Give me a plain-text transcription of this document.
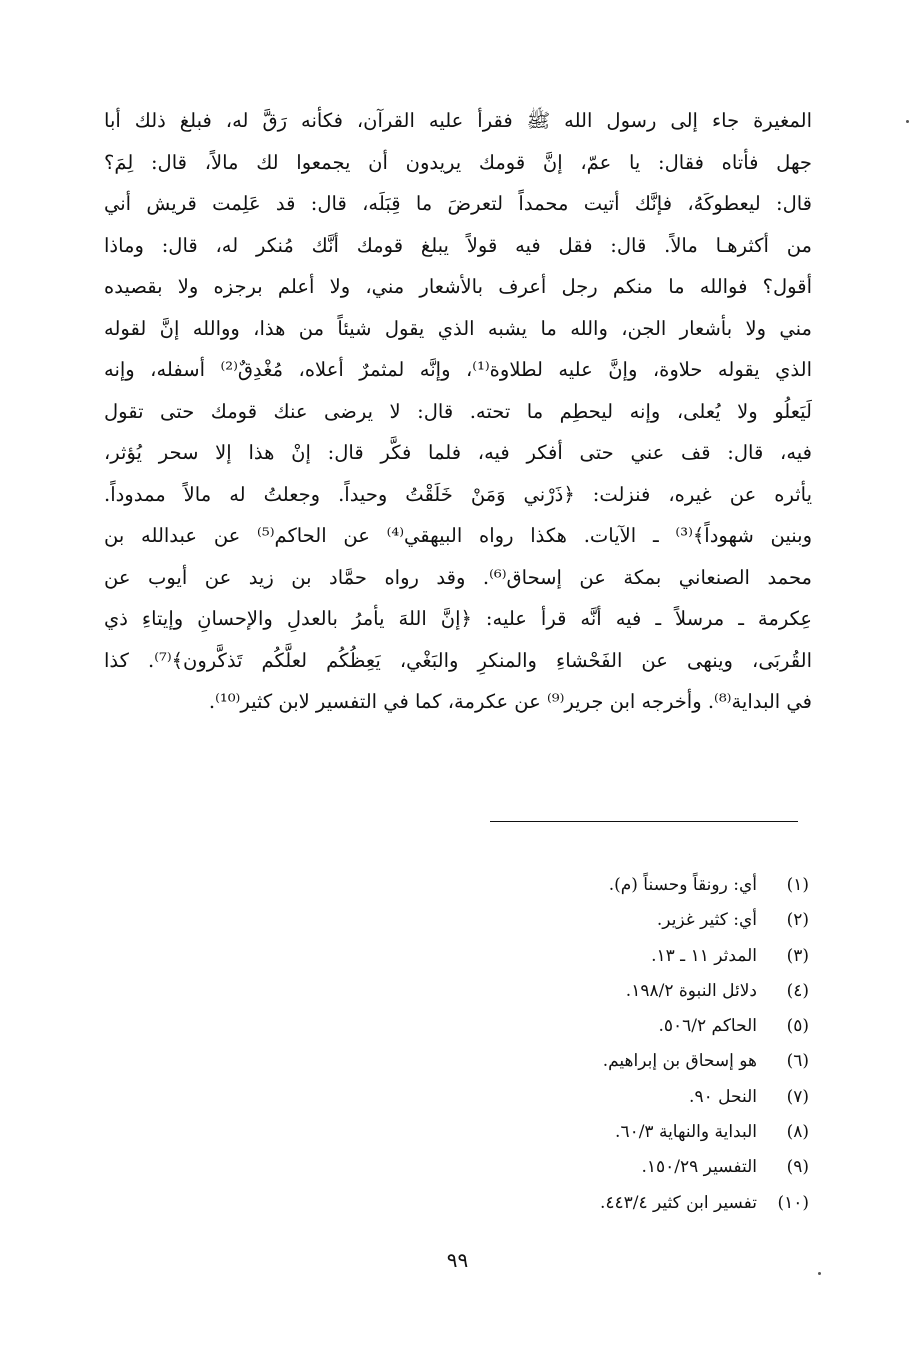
المغيرة جاء إلى رسول الله ﷺ فقرأ عليه القرآن، فكأنه رَقَّ له، فبلغ ذلك أبا
جهل فأتاه فقال: يا عمّ، إنَّ قومك يريدون أن يجمعوا لك مالاً، قال: لِمَ؟
قال: ليعطوكَهُ، فإنَّك أتيت محمداً لتعرضَ ما قِبَلَه، قال: قد عَلِمت قريش أني
من أكثرهـا مالاً. قال: فقل فيه قولاً يبلغ قومك أنَّك مُنكر له، قال: وماذا
أقول؟ فوالله ما منكم رجل أعرف بالأشعار مني، ولا أعلم برجزه ولا بقصيده
مني ولا بأشعار الجن، والله ما يشبه الذي يقول شيئاً من هذا، ووالله إنَّ لقوله
الذي يقوله حلاوة، وإنَّ عليه لطلاوة⁽¹⁾، وإنَّه لمثمرٌ أعلاه، مُغْدِقٌ⁽²⁾ أسفله، وإنه
لَيَعلُو ولا يُعلى، وإنه ليحطِم ما تحته. قال: لا يرضى عنك قومك حتى تقول
فيه، قال: قف عني حتى أفكر فيه، فلما فكَّر قال: إنْ هذا إلا سحر يُؤثر،
يأثره عن غيره، فنزلت: ﴿ذَرْني وَمَنْ خَلَقْتُ وحيداً. وجعلتُ له مالاً ممدوداً.
وبنين شهوداً﴾⁽³⁾ ـ الآيات. هكذا رواه البيهقي⁽⁴⁾ عن الحاكم⁽⁵⁾ عن عبدالله بن
محمد الصنعاني بمكة عن إسحاق⁽⁶⁾. وقد رواه حمَّاد بن زيد عن أيوب عن
عِكرمة ـ مرسلاً ـ فيه أنَّه قرأ عليه: ﴿إنَّ اللهَ يأمرُ بالعدلِ والإحسانِ وإيتاءِ ذي
القُربَى، وينهى عن الفَحْشاءِ والمنكرِ والبَغْي، يَعِظُكُم لعلَّكُم تَذكَّرون﴾⁽⁷⁾. كذا
في البداية⁽⁸⁾. وأخرجه ابن جرير⁽⁹⁾ عن عكرمة، كما في التفسير لابن كثير⁽¹⁰⁾.
(١)
أي: رونقاً وحسناً (م).
(٢)
أي: كثير غزير.
(٣)
المدثر ١١ ـ ١٣.
(٤)
دلائل النبوة ١٩٨/٢.
(٥)
الحاكم ٥٠٦/٢.
(٦)
هو إسحاق بن إبراهيم.
(٧)
النحل ٩٠.
(٨)
البداية والنهاية ٦٠/٣.
(٩)
التفسير ١٥٠/٢٩.
(١٠)
تفسير ابن كثير ٤٤٣/٤.
٩٩
